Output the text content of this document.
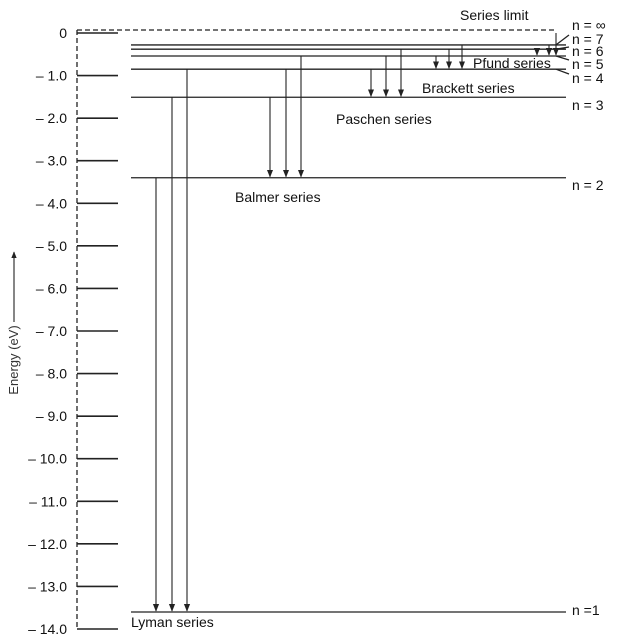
0
– 1.0
– 2.0
– 3.0
– 4.0
– 5.0
– 6.0
– 7.0
– 8.0
– 9.0
– 10.0
– 11.0
– 12.0
– 13.0
– 14.0
Energy (eV)
n = ∞
n = 7
n = 6
n = 5
n = 4
n = 3
n = 2
n =1
Series limit
Pfund series
Brackett series
Paschen series
Balmer series
Lyman series
